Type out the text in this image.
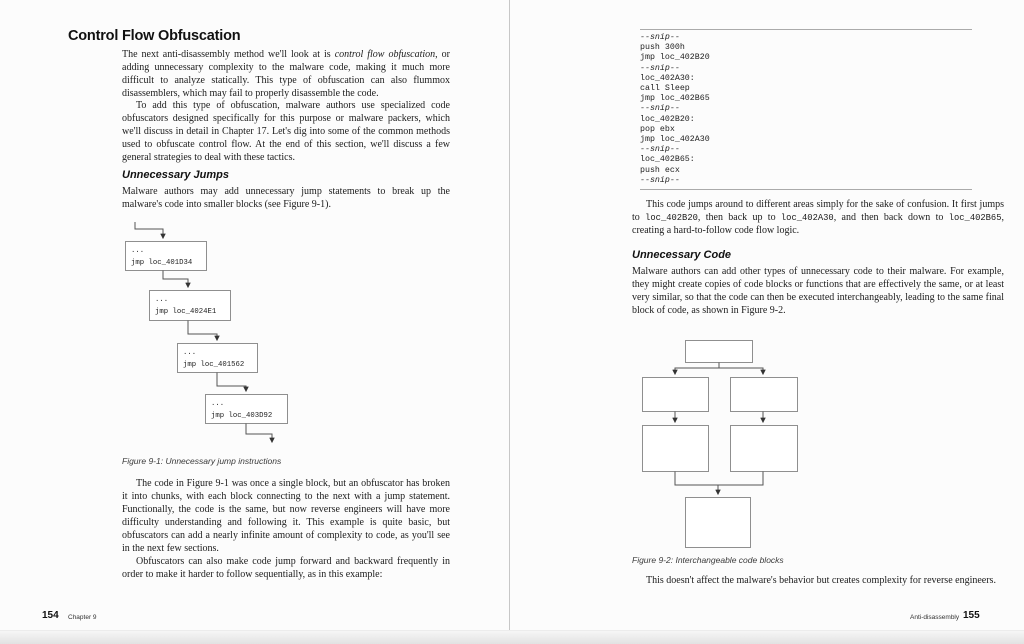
Control Flow Obfuscation
The next anti-disassembly method we'll look at is control flow obfuscation, or adding unnecessary complexity to the malware code, making it much more difficult to analyze statically. This type of obfuscation can also flummox disassemblers, which may fail to properly disassemble the code.
To add this type of obfuscation, malware authors use specialized code obfuscators designed specifically for this purpose or malware packers, which we'll discuss in detail in Chapter 17. Let's dig into some of the common methods used to obfuscate control flow. At the end of this section, we'll discuss a few general strategies to deal with these tactics.
Unnecessary Jumps
Malware authors may add unnecessary jump statements to break up the malware's code into smaller blocks (see Figure 9-1).
...
jmp loc_401D34
...
jmp loc_4024E1
...
jmp loc_401562
...
jmp loc_403D92
Figure 9-1: Unnecessary jump instructions
The code in Figure 9-1 was once a single block, but an obfuscator has broken it into chunks, with each block connecting to the next with a jump statement. Functionally, the code is the same, but now reverse engineers will have more difficulty understanding and following it. This example is quite basic, but obfuscators can add a nearly infinite amount of complexity to code, as you'll see in the next few sections.
Obfuscators can also make code jump forward and backward frequently in order to make it harder to follow sequentially, as in this example:
154 Chapter 9
--snip--
push 300h
jmp loc_402B20
--snip--
loc_402A30:
call Sleep
jmp loc_402B65
--snip--
loc_402B20:
pop ebx
jmp loc_402A30
--snip--
loc_402B65:
push ecx
--snip--
This code jumps around to different areas simply for the sake of confusion. It first jumps to loc_402B20, then back up to loc_402A30, and then back down to loc_402B65, creating a hard-to-follow code flow logic.
Unnecessary Code
Malware authors can add other types of unnecessary code to their malware. For example, they might create copies of code blocks or functions that are effectively the same, or at least very similar, so that the code can then be executed interchangeably, leading to the same final block of code, as shown in Figure 9-2.
Figure 9-2: Interchangeable code blocks
This doesn't affect the malware's behavior but creates complexity for reverse engineers.
Anti-disassembly 155
